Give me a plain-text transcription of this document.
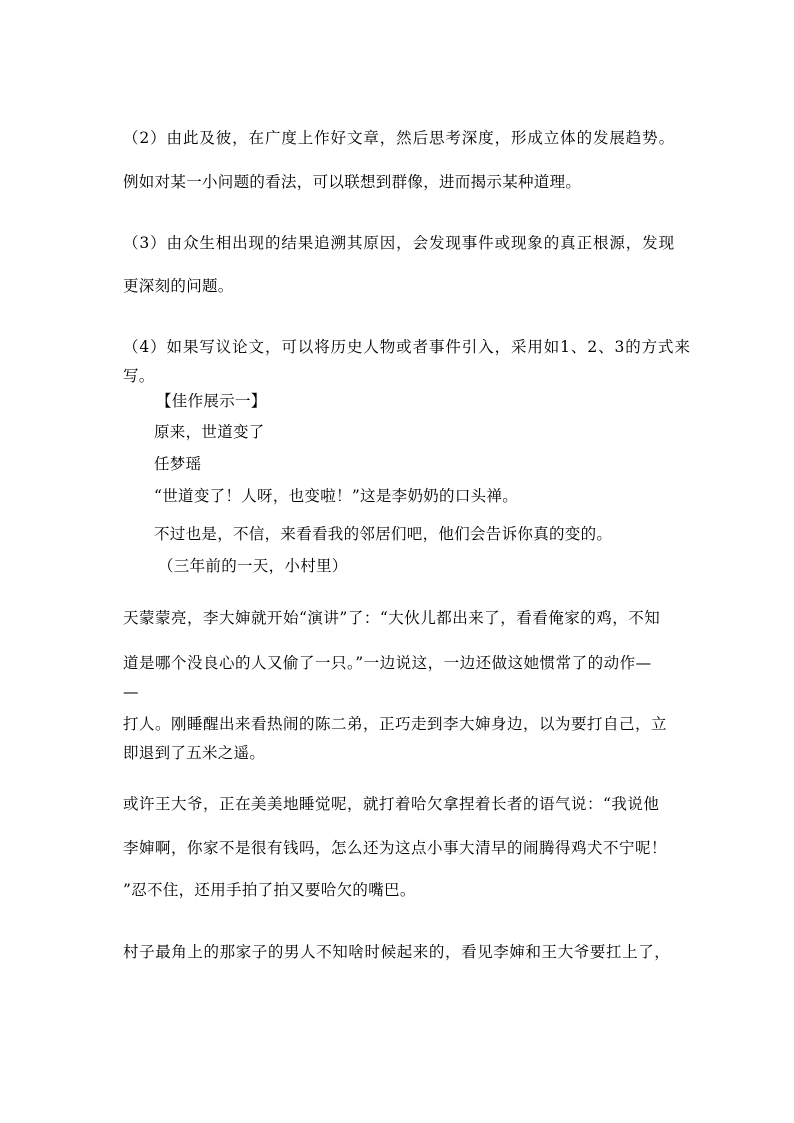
（2）由此及彼，在广度上作好文章，然后思考深度，形成立体的发展趋势。
例如对某一小问题的看法，可以联想到群像，进而揭示某种道理。
（3）由众生相出现的结果追溯其原因，会发现事件或现象的真正根源，发现
更深刻的问题。
（4）如果写议论文，可以将历史人物或者事件引入，采用如1、2、3的方式来
写。
【佳作展示一】
原来，世道变了
任梦瑶
“世道变了！人呀，也变啦！”这是李奶奶的口头禅。
不过也是，不信，来看看我的邻居们吧，他们会告诉你真的变的。
（三年前的一天，小村里）
天蒙蒙亮，李大婶就开始“演讲”了：“大伙儿都出来了，看看俺家的鸡，不知
道是哪个没良心的人又偷了一只。”一边说这，一边还做这她惯常了的动作—
—
打人。刚睡醒出来看热闹的陈二弟，正巧走到李大婶身边，以为要打自己，立
即退到了五米之遥。
或许王大爷，正在美美地睡觉呢，就打着哈欠拿捏着长者的语气说：“我说他
李婶啊，你家不是很有钱吗，怎么还为这点小事大清早的闹腾得鸡犬不宁呢！
”忍不住，还用手拍了拍又要哈欠的嘴巴。
村子最角上的那家子的男人不知啥时候起来的，看见李婶和王大爷要扛上了，
